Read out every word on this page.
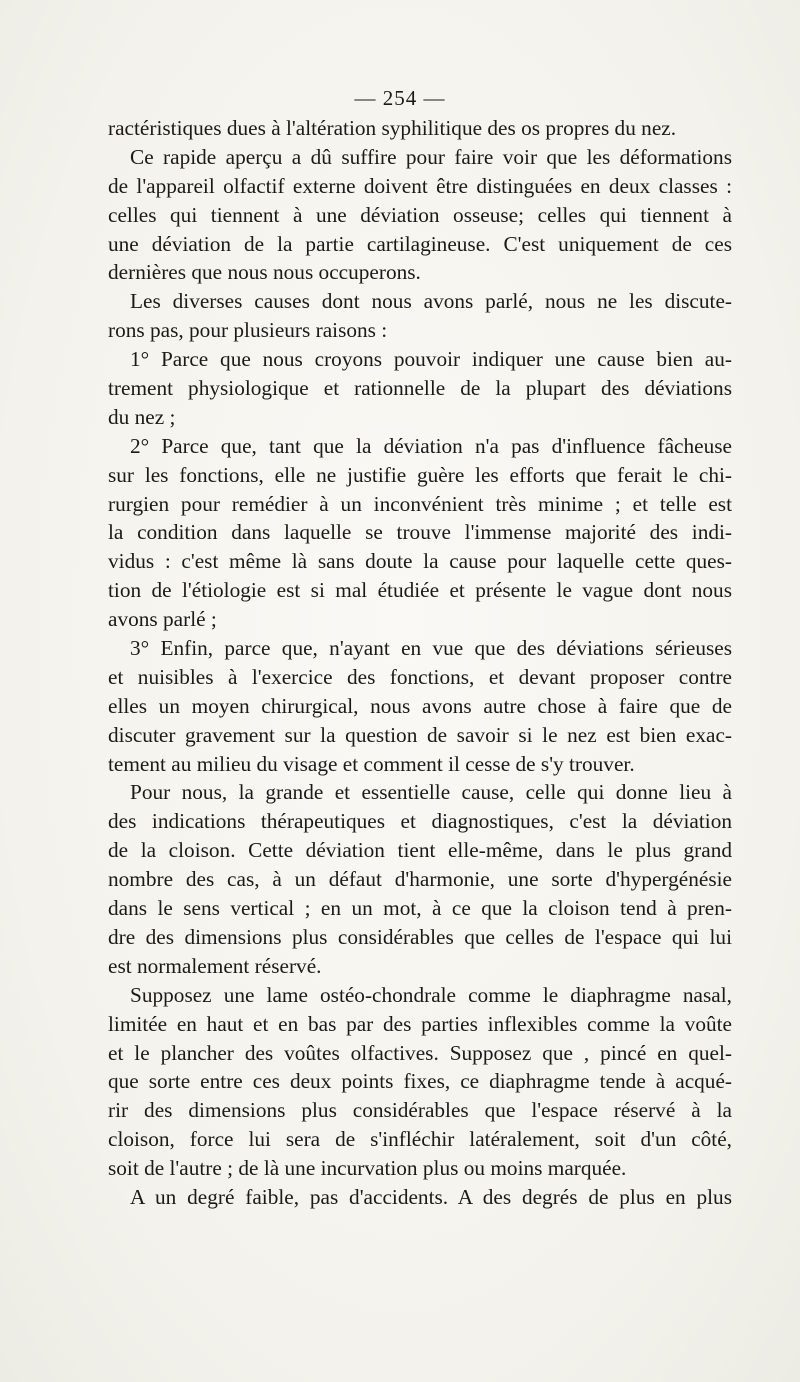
— 254 —
ractéristiques dues à l'altération syphilitique des os propres du nez.
Ce rapide aperçu a dû suffire pour faire voir que les déformations
de l'appareil olfactif externe doivent être distinguées en deux classes :
celles qui tiennent à une déviation osseuse; celles qui tiennent à
une déviation de la partie cartilagineuse. C'est uniquement de ces
dernières que nous nous occuperons.
Les diverses causes dont nous avons parlé, nous ne les discute-
rons pas, pour plusieurs raisons :
1° Parce que nous croyons pouvoir indiquer une cause bien au-
trement physiologique et rationnelle de la plupart des déviations
du nez ;
2° Parce que, tant que la déviation n'a pas d'influence fâcheuse
sur les fonctions, elle ne justifie guère les efforts que ferait le chi-
rurgien pour remédier à un inconvénient très minime ; et telle est
la condition dans laquelle se trouve l'immense majorité des indi-
vidus : c'est même là sans doute la cause pour laquelle cette ques-
tion de l'étiologie est si mal étudiée et présente le vague dont nous
avons parlé ;
3° Enfin, parce que, n'ayant en vue que des déviations sérieuses
et nuisibles à l'exercice des fonctions, et devant proposer contre
elles un moyen chirurgical, nous avons autre chose à faire que de
discuter gravement sur la question de savoir si le nez est bien exac-
tement au milieu du visage et comment il cesse de s'y trouver.
Pour nous, la grande et essentielle cause, celle qui donne lieu à
des indications thérapeutiques et diagnostiques, c'est la déviation
de la cloison. Cette déviation tient elle-même, dans le plus grand
nombre des cas, à un défaut d'harmonie, une sorte d'hypergénésie
dans le sens vertical ; en un mot, à ce que la cloison tend à pren-
dre des dimensions plus considérables que celles de l'espace qui lui
est normalement réservé.
Supposez une lame ostéo-chondrale comme le diaphragme nasal,
limitée en haut et en bas par des parties inflexibles comme la voûte
et le plancher des voûtes olfactives. Supposez que , pincé en quel-
que sorte entre ces deux points fixes, ce diaphragme tende à acqué-
rir des dimensions plus considérables que l'espace réservé à la
cloison, force lui sera de s'infléchir latéralement, soit d'un côté,
soit de l'autre ; de là une incurvation plus ou moins marquée.
A un degré faible, pas d'accidents. A des degrés de plus en plus
